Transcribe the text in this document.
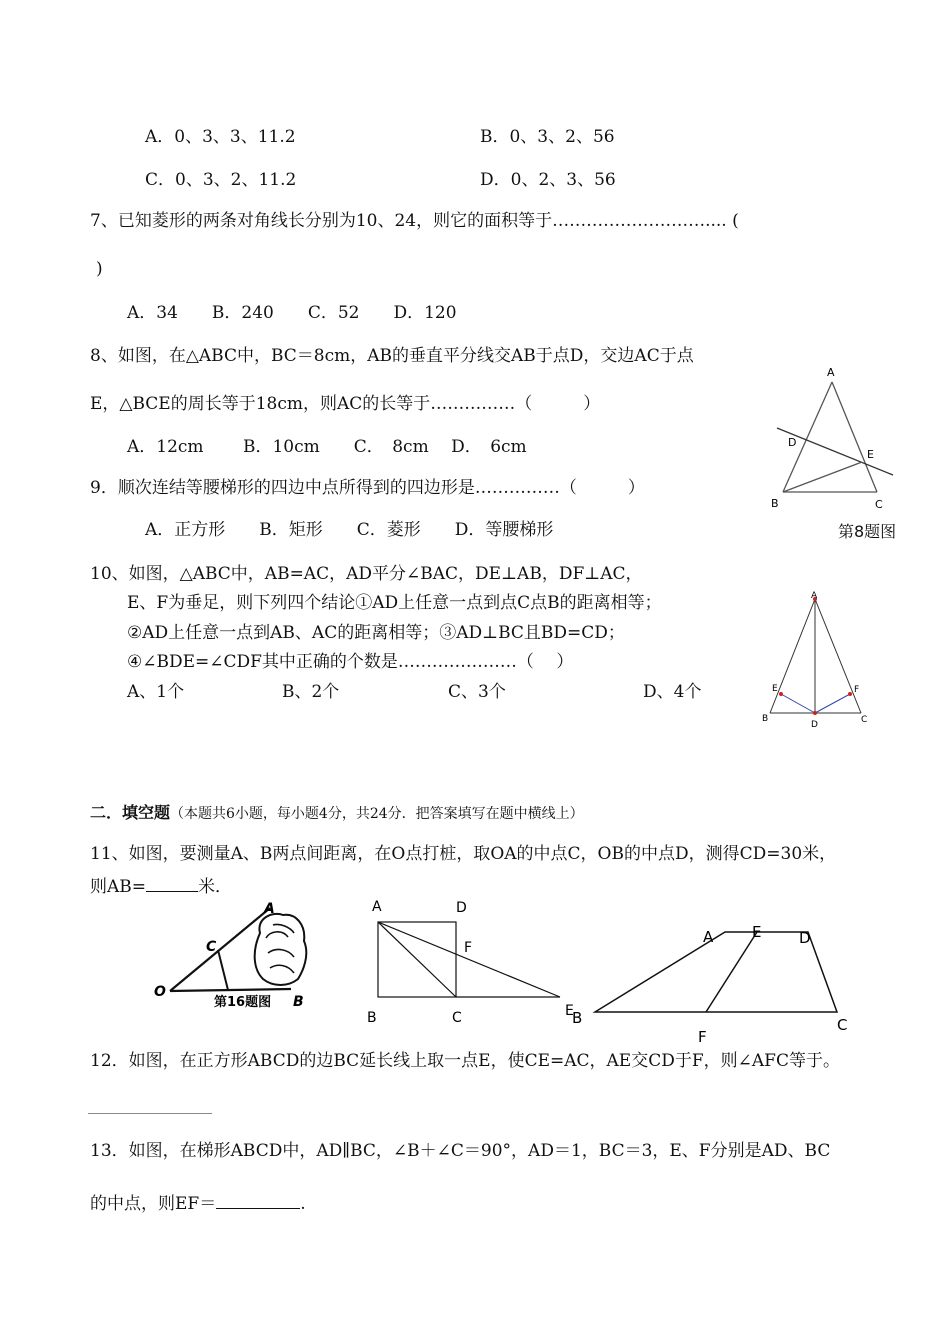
A．0、3、3、11.2	B．0、3、2、56
C．0、3、2、11.2	D．0、2、3、56
7、已知菱形的两条对角线长分别为10、24，则它的面积等于……………………….... (
)
A．34　　B．240　　C．52　　D．120
8、如图，在△ABC中，BC＝8cm，AB的垂直平分线交AB于点D，交边AC于点
E，△BCE的周长等于18cm，则AC的长等于……………（　　　）
A．12cm　　 B．10cm　　C．　8cm　 D．　6cm
A
D
E
B	C
第8题图
9．顺次连结等腰梯形的四边中点所得到的四边形是……………（　　　）
A．正方形　　B．矩形　　C．菱形　　D．等腰梯形
10、如图，△ABC中，AB=AC，AD平分∠BAC，DE⊥AB，DF⊥AC，
E、F为垂足，则下列四个结论①AD上任意一点到点C点B的距离相等；
②AD上任意一点到AB、AC的距离相等；③AD⊥BC且BD=CD；
④∠BDE=∠CDF其中正确的个数是…………………（　 ）
A、1个	B、2个	C、3个	D、4个
A
E	F
B
D	C
二．填空题（本题共6小题，每小题4分，共24分．把答案填写在题中横线上）
11、如图，要测量A、B两点间距离，在O点打桩，取OA的中点C，OB的中点D，测得CD=30米，
则AB=	米．
A
C
O
B
第16题图
A	D
F
B	C	E
A	E	D
B
F
C
12．如图，在正方形ABCD的边BC延长线上取一点E，使CE=AC，AE交CD于F，则∠AFC等于。
13．如图，在梯形ABCD中，AD∥BC，∠B＋∠C＝90°，AD＝1，BC＝3，E、F分别是AD、BC
的中点，则EF＝	.
